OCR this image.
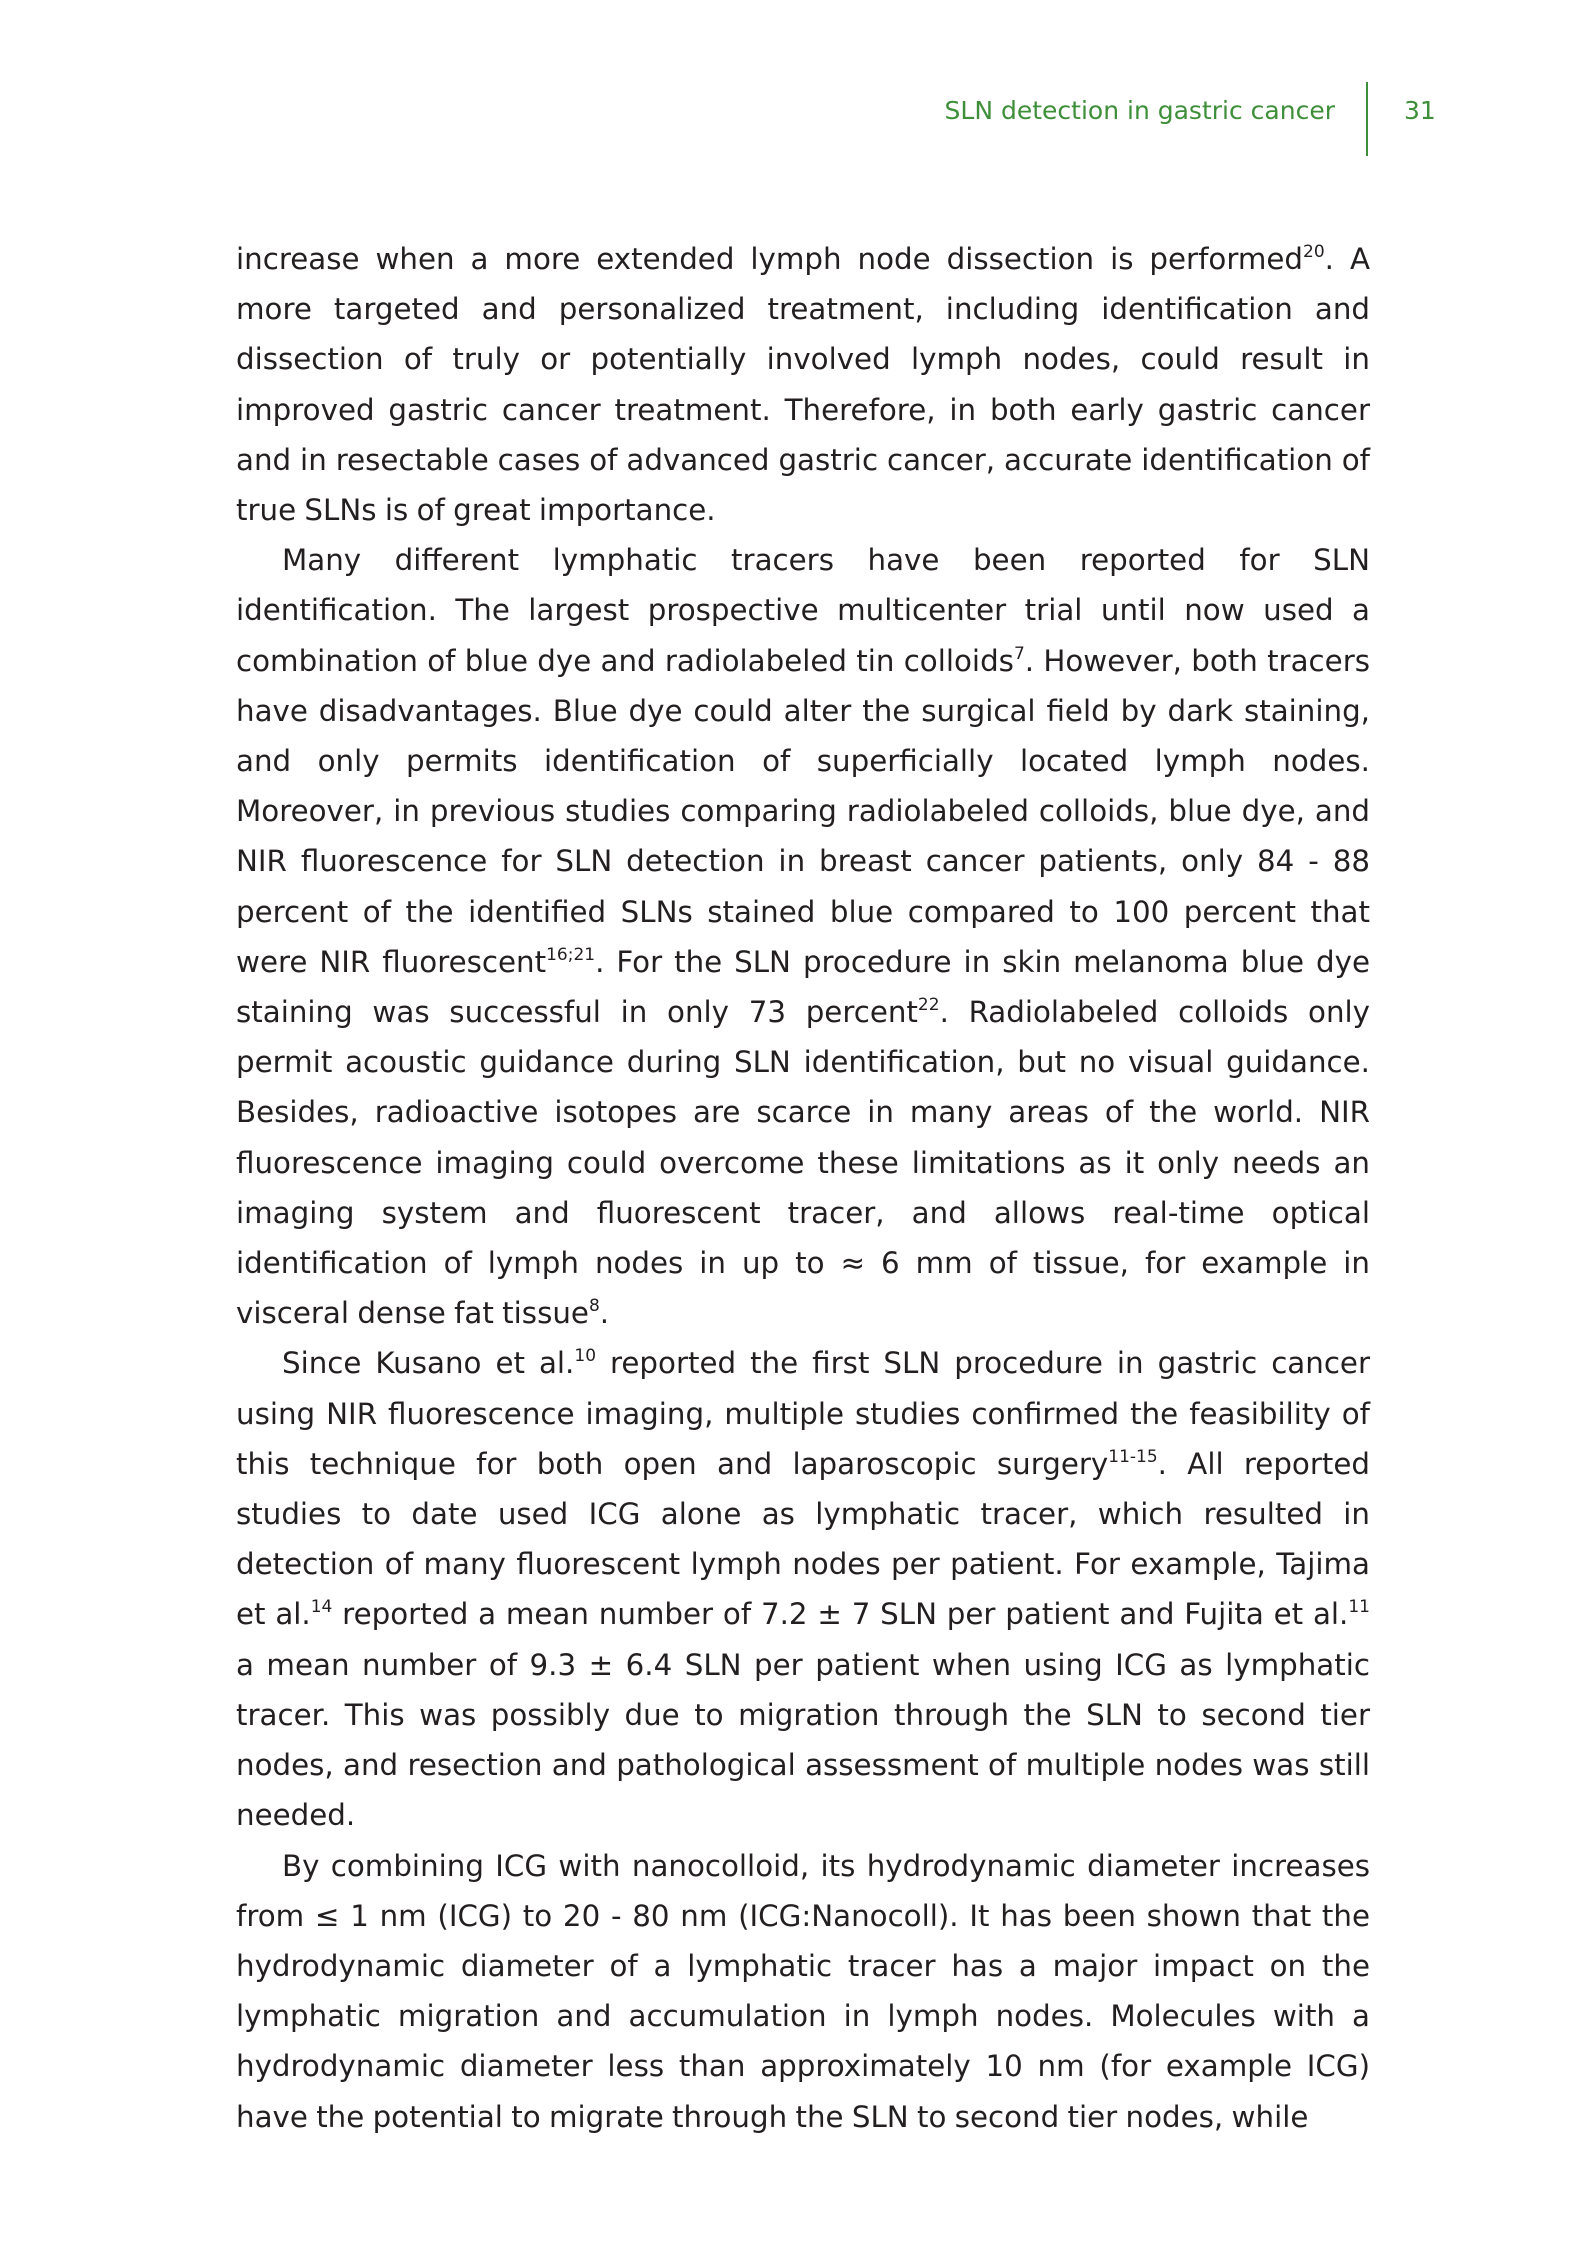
SLN detection in gastric cancer	31

increase when a more extended lymph node dissection is performed$^{20}$. A more targeted and personalized treatment, including identification and dissection of truly or potentially involved lymph nodes, could result in improved gastric cancer treatment. Therefore, in both early gastric cancer and in resectable cases of advanced gastric cancer, accurate identification of true SLNs is of great importance.

Many different lymphatic tracers have been reported for SLN identification. The largest prospective multicenter trial until now used a combination of blue dye and radiolabeled tin colloids$^7$. However, both tracers have disadvantages. Blue dye could alter the surgical field by dark staining, and only permits identification of superficially located lymph nodes. Moreover, in previous studies comparing radiolabeled colloids, blue dye, and NIR fluorescence for SLN detection in breast cancer patients, only 84 - 88 percent of the identified SLNs stained blue compared to 100 percent that were NIR fluorescent$^{16;21}$. For the SLN procedure in skin melanoma blue dye staining was successful in only 73 percent$^{22}$. Radiolabeled colloids only permit acoustic guidance during SLN identification, but no visual guidance. Besides, radioactive isotopes are scarce in many areas of the world. NIR fluorescence imaging could overcome these limitations as it only needs an imaging system and fluorescent tracer, and allows real-time optical identification of lymph nodes in up to ≈ 6 mm of tissue, for example in visceral dense fat tissue$^8$.

Since Kusano et al.$^{10}$ reported the first SLN procedure in gastric cancer using NIR fluorescence imaging, multiple studies confirmed the feasibility of this technique for both open and laparoscopic surgery$^{11-15}$. All reported studies to date used ICG alone as lymphatic tracer, which resulted in detection of many fluorescent lymph nodes per patient. For example, Tajima et al.$^{14}$ reported a mean number of 7.2 ± 7 SLN per patient and Fujita et al.$^{11}$ a mean number of 9.3 ± 6.4 SLN per patient when using ICG as lymphatic tracer. This was possibly due to migration through the SLN to second tier nodes, and resection and pathological assessment of multiple nodes was still needed.

By combining ICG with nanocolloid, its hydrodynamic diameter increases from ≤ 1 nm (ICG) to 20 - 80 nm (ICG:Nanocoll). It has been shown that the hydrodynamic diameter of a lymphatic tracer has a major impact on the lymphatic migration and accumulation in lymph nodes. Molecules with a hydrodynamic diameter less than approximately 10 nm (for example ICG) have the potential to migrate through the SLN to second tier nodes, while
